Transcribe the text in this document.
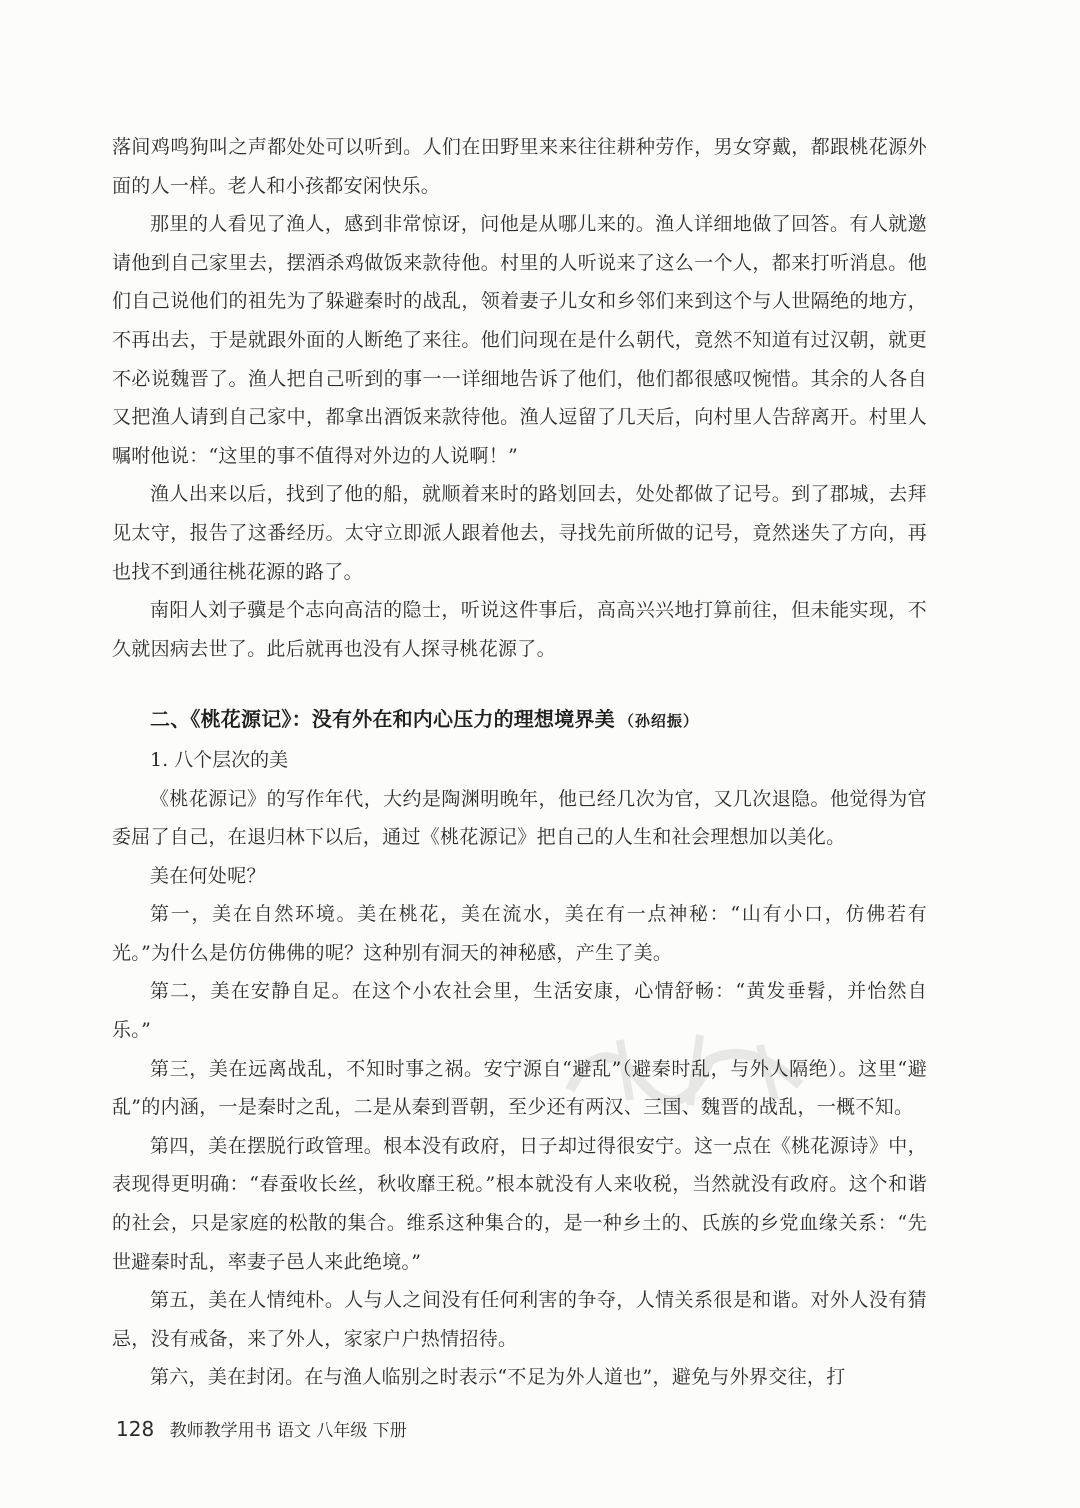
落间鸡鸣狗叫之声都处处可以听到。人们在田野里来来往往耕种劳作，男女穿戴，都跟桃花源外面的人一样。老人和小孩都安闲快乐。

那里的人看见了渔人，感到非常惊讶，问他是从哪儿来的。渔人详细地做了回答。有人就邀请他到自己家里去，摆酒杀鸡做饭来款待他。村里的人听说来了这么一个人，都来打听消息。他们自己说他们的祖先为了躲避秦时的战乱，领着妻子儿女和乡邻们来到这个与人世隔绝的地方，不再出去，于是就跟外面的人断绝了来往。他们问现在是什么朝代，竟然不知道有过汉朝，就更不必说魏晋了。渔人把自己听到的事一一详细地告诉了他们，他们都很感叹惋惜。其余的人各自又把渔人请到自己家中，都拿出酒饭来款待他。渔人逗留了几天后，向村里人告辞离开。村里人嘱咐他说：“这里的事不值得对外边的人说啊！”

渔人出来以后，找到了他的船，就顺着来时的路划回去，处处都做了记号。到了郡城，去拜见太守，报告了这番经历。太守立即派人跟着他去，寻找先前所做的记号，竟然迷失了方向，再也找不到通往桃花源的路了。

南阳人刘子骥是个志向高洁的隐士，听说这件事后，高高兴兴地打算前往，但未能实现，不久就因病去世了。此后就再也没有人探寻桃花源了。

二、《桃花源记》：没有外在和内心压力的理想境界美 （孙绍振）

1. 八个层次的美

《桃花源记》的写作年代，大约是陶渊明晚年，他已经几次为官，又几次退隐。他觉得为官委屈了自己，在退归林下以后，通过《桃花源记》把自己的人生和社会理想加以美化。

美在何处呢？

第一，美在自然环境。美在桃花，美在流水，美在有一点神秘：“山有小口，仿佛若有光。”为什么是仿仿佛佛的呢？这种别有洞天的神秘感，产生了美。

第二，美在安静自足。在这个小农社会里，生活安康，心情舒畅：“黄发垂髫，并怡然自乐。”

第三，美在远离战乱，不知时事之祸。安宁源自“避乱”（避秦时乱，与外人隔绝）。这里“避乱”的内涵，一是秦时之乱，二是从秦到晋朝，至少还有两汉、三国、魏晋的战乱，一概不知。

第四，美在摆脱行政管理。根本没有政府，日子却过得很安宁。这一点在《桃花源诗》中，表现得更明确：“春蚕收长丝，秋收靡王税。”根本就没有人来收税，当然就没有政府。这个和谐的社会，只是家庭的松散的集合。维系这种集合的，是一种乡土的、氏族的乡党血缘关系：“先世避秦时乱，率妻子邑人来此绝境。”

第五，美在人情纯朴。人与人之间没有任何利害的争夺，人情关系很是和谐。对外人没有猜忌，没有戒备，来了外人，家家户户热情招待。

第六，美在封闭。在与渔人临别之时表示“不足为外人道也”，避免与外界交往，打

128 教师教学用书 语文 八年级 下册
